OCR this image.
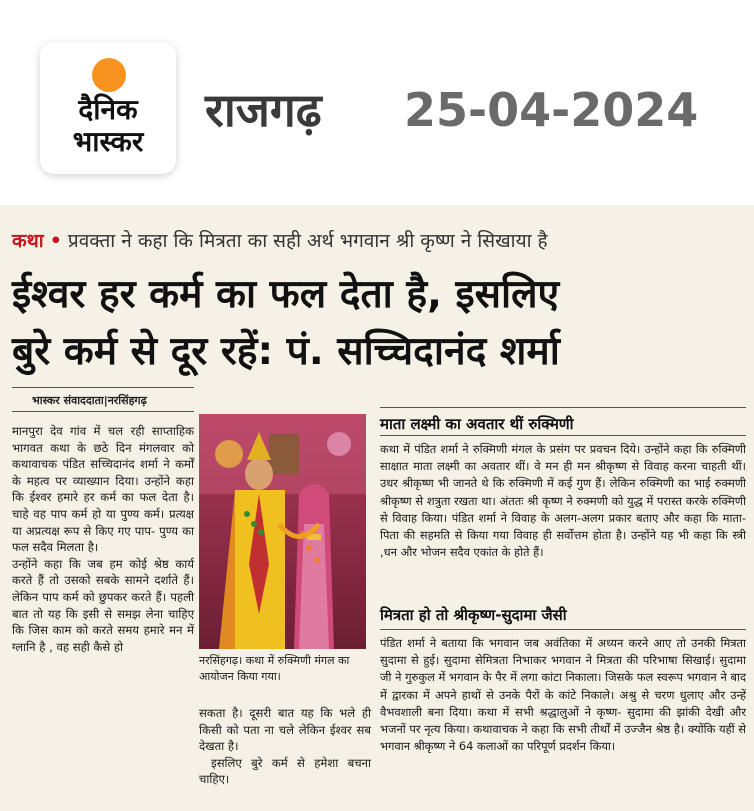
दैनिक
भास्कर
राजगढ़ 25-04-2024
कथा • प्रवक्ता ने कहा कि मित्रता का सही अर्थ भगवान श्री कृष्ण ने सिखाया है
ईश्वर हर कर्म का फल देता है, इसलिए
बुरे कर्म से दूर रहें: पं. सच्चिदानंद शर्मा
भास्कर संवाददाता|नरसिंहगढ़

मानपुरा देव गांव में चल रही साप्ताहिक भागवत कथा के छठे दिन मंगलवार को कथावाचक पंडित सच्चिदानंद शर्मा ने कर्मों के महत्व पर व्याख्यान दिया। उन्होंने कहा कि ईश्वर हमारे हर कर्म का फल देता है। चाहे वह पाप कर्म हो या पुण्य कर्म। प्रत्यक्ष या अप्रत्यक्ष रूप से किए गए पाप- पुण्य का फल सदैव मिलता है।

उन्होंने कहा कि जब हम कोई श्रेष्ठ कार्य करते हैं तो उसको सबके सामने दर्शाते हैं। लेकिन पाप कर्म को छुपकर करते हैं। पहली बात तो यह कि इसी से समझ लेना चाहिए कि जिस काम को करते समय हमारे मन में ग्लानि है , वह सही कैसे हो

नरसिंहगढ़। कथा में रुक्मिणी मंगल का आयोजन किया गया।

सकता है। दूसरी बात यह कि भले ही किसी को पता ना चले लेकिन ईश्वर सब देखता है।

इसलिए बुरे कर्म से हमेशा बचना चाहिए।

माता लक्ष्मी का अवतार थीं रुक्मिणी
कथा में पंडित शर्मा ने रुक्मिणी मंगल के प्रसंग पर प्रवचन दिये। उन्होंने कहा कि रुक्मिणी साक्षात माता लक्ष्मी का अवतार थीं। वे मन ही मन श्रीकृष्ण से विवाह करना चाहती थीं। उधर श्रीकृष्ण भी जानते थे कि रुक्मिणी में कई गुण हैं। लेकिन रुक्मिणी का भाई रुक्मणी श्रीकृष्ण से शत्रुता रखता था। अंततः श्री कृष्ण ने रुक्मणी को युद्ध में परास्त करके रुक्मिणी से विवाह किया। पंडित शर्मा ने विवाह के अलग-अलग प्रकार बताए और कहा कि माता-पिता की सहमति से किया गया विवाह ही सर्वोत्तम होता है। उन्होंने यह भी कहा कि स्त्री ,धन और भोजन सदैव एकांत के होते हैं।
मित्रता हो तो श्रीकृष्ण-सुदामा जैसी
पंडित शर्मा ने बताया कि भगवान जब अवंतिका में अध्यन करने आए तो उनकी मित्रता सुदामा से हुई। सुदामा सेमित्रता निभाकर भगवान ने मित्रता की परिभाषा सिखाई। सुदामा जी ने गुरुकुल में भगवान के पैर में लगा कांटा निकाला। जिसके फल स्वरूप भगवान ने बाद में द्वारका में अपने हाथों से उनके पैरों के कांटे निकाले। अश्रु से चरण धुलाए और उन्हें वैभवशाली बना दिया। कथा में सभी श्रद्धालुओं ने कृष्ण- सुदामा की झांकी देखी और भजनों पर नृत्य किया। कथावाचक ने कहा कि सभी तीर्थों में उज्जैन श्रेष्ठ है। क्योंकि यहीं से भगवान श्रीकृष्ण ने 64 कलाओं का परिपूर्ण प्रदर्शन किया।
